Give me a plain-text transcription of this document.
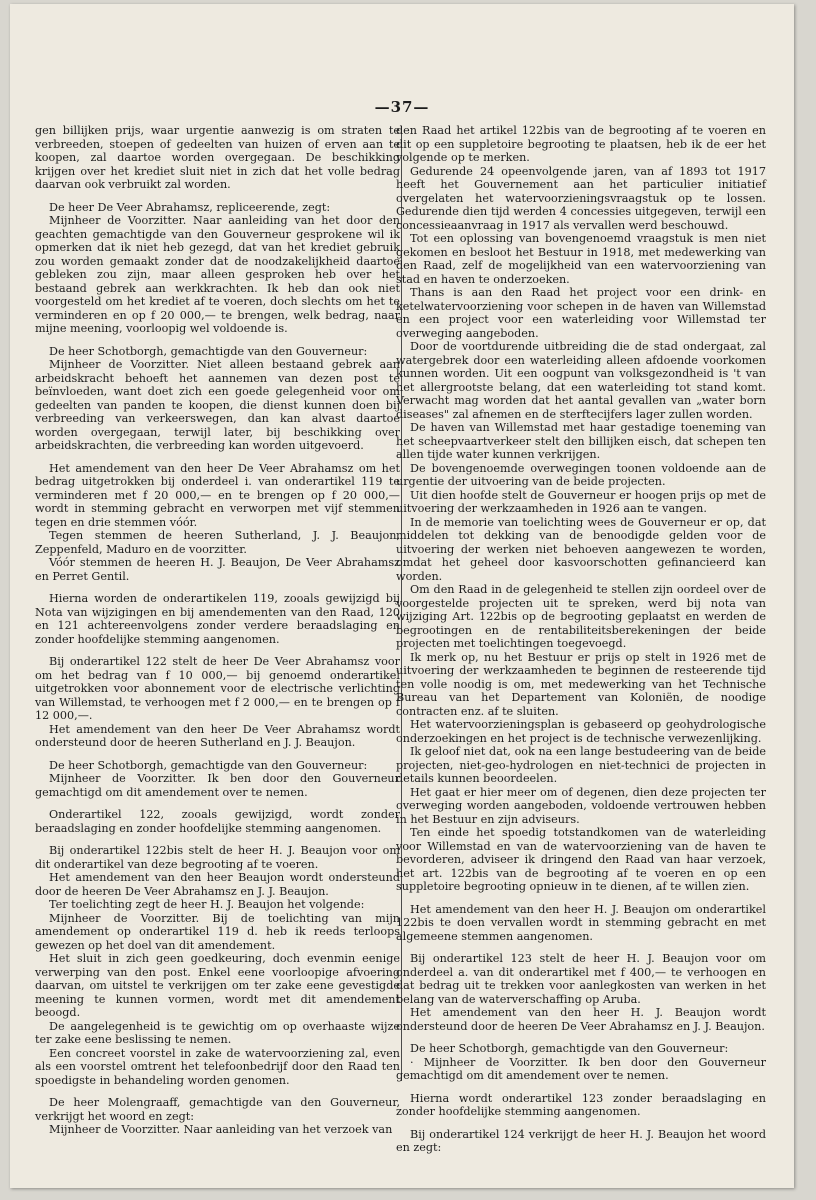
—37—

gen billijken prijs, waar urgentie aanwezig is om straten te verbreeden, stoepen of gedeelten van huizen of erven aan te koopen, zal daartoe worden overgegaan. De beschikking krijgen over het krediet sluit niet in zich dat het volle bedrag daarvan ook verbruikt zal worden.

De heer De Veer Abrahamsz, repliceerende, zegt:

Mijnheer de Voorzitter. Naar aanleiding van het door den geachten gemachtigde van den Gouverneur gesprokene wil ik opmerken dat ik niet heb gezegd, dat van het krediet gebruik zou worden gemaakt zonder dat de noodzakelijkheid daartoe gebleken zou zijn, maar alleen gesproken heb over het bestaand gebrek aan werkkrachten. Ik heb dan ook niet voorgesteld om het krediet af te voeren, doch slechts om het te verminderen en op f 20 000,— te brengen, welk bedrag, naar mijne meening, voorloopig wel voldoende is.

De heer Schotborgh, gemachtigde van den Gouverneur:

Mijnheer de Voorzitter. Niet alleen bestaand gebrek aan arbeidskracht behoeft het aannemen van dezen post te beïnvloeden, want doet zich een goede gelegenheid voor om gedeelten van panden te koopen, die dienst kunnen doen bij verbreeding van verkeerswegen, dan kan alvast daartoe worden overgegaan, terwijl later, bij beschikking over arbeidskrachten, die verbreeding kan worden uitgevoerd.

Het amendement van den heer De Veer Abrahamsz om het bedrag uitgetrokken bij onderdeel i. van onderartikel 119 te verminderen met f 20 000,— en te brengen op f 20 000,— wordt in stemming gebracht en verworpen met vijf stemmen tegen en drie stemmen vóór.

Tegen stemmen de heeren Sutherland, J. J. Beaujon, Zeppenfeld, Maduro en de voorzitter.

Vóór stemmen de heeren H. J. Beaujon, De Veer Abrahamsz en Perret Gentil.

Hierna worden de onderartikelen 119, zooals gewijzigd bij Nota van wijzigingen en bij amendementen van den Raad, 120 en 121 achtereenvolgens zonder verdere beraadslaging en zonder hoofdelijke stemming aangenomen.

Bij onderartikel 122 stelt de heer De Veer Abrahamsz voor om het bedrag van f 10 000,— bij genoemd onderartikel uitgetrokken voor abonnement voor de electrische verlichting van Willemstad, te verhoogen met f 2 000,— en te brengen op f 12 000,—.

Het amendement van den heer De Veer Abrahamsz wordt ondersteund door de heeren Sutherland en J. J. Beaujon.

De heer Schotborgh, gemachtigde van den Gouverneur:

Mijnheer de Voorzitter. Ik ben door den Gouverneur gemachtigd om dit amendement over te nemen.

Onderartikel 122, zooals gewijzigd, wordt zonder beraadslaging en zonder hoofdelijke stemming aangenomen.

Bij onderartikel 122bis stelt de heer H. J. Beaujon voor om dit onderartikel van deze begrooting af te voeren.

Het amendement van den heer Beaujon wordt ondersteund door de heeren De Veer Abrahamsz en J. J. Beaujon.

Ter toelichting zegt de heer H. J. Beaujon het volgende:

Mijnheer de Voorzitter. Bij de toelichting van mijn amendement op onderartikel 119 d. heb ik reeds terloops gewezen op het doel van dit amendement.

Het sluit in zich geen goedkeuring, doch evenmin eenige verwerping van den post. Enkel eene voorloopige afvoering daarvan, om uitstel te verkrijgen om ter zake eene gevestigde meening te kunnen vormen, wordt met dit amendement beoogd.

De aangelegenheid is te gewichtig om op overhaaste wijze ter zake eene beslissing te nemen.

Een concreet voorstel in zake de watervoorziening zal, even als een voorstel omtrent het telefoonbedrijf door den Raad ten spoedigste in behandeling worden genomen.

De heer Molengraaff, gemachtigde van den Gouverneur, verkrijgt het woord en zegt:

Mijnheer de Voorzitter. Naar aanleiding van het verzoek van

den Raad het artikel 122bis van de begrooting af te voeren en dit op een suppletoire begrooting te plaatsen, heb ik de eer het volgende op te merken.

Gedurende 24 opeenvolgende jaren, van af 1893 tot 1917 heeft het Gouvernement aan het particulier initiatief overgelaten het watervoorzieningsvraagstuk op te lossen. Gedurende dien tijd werden 4 concessies uitgegeven, terwijl een concessieaanvraag in 1917 als vervallen werd beschouwd.

Tot een oplossing van bovengenoemd vraagstuk is men niet gekomen en besloot het Bestuur in 1918, met medewerking van den Raad, zelf de mogelijkheid van een watervoorziening van stad en haven te onderzoeken.

Thans is aan den Raad het project voor een drink- en ketelwatervoorziening voor schepen in de haven van Willemstad en een project voor een waterleiding voor Willemstad ter overweging aangeboden.

Door de voortdurende uitbreiding die de stad ondergaat, zal watergebrek door een waterleiding alleen afdoende voorkomen kunnen worden. Uit een oogpunt van volksgezondheid is 't van het allergrootste belang, dat een waterleiding tot stand komt. Verwacht mag worden dat het aantal gevallen van „water born diseases" zal afnemen en de sterftecijfers lager zullen worden.

De haven van Willemstad met haar gestadige toeneming van het scheepvaartverkeer stelt den billijken eisch, dat schepen ten allen tijde water kunnen verkrijgen.

De bovengenoemde overwegingen toonen voldoende aan de urgentie der uitvoering van de beide projecten.

Uit dien hoofde stelt de Gouverneur er hoogen prijs op met de uitvoering der werkzaamheden in 1926 aan te vangen.

In de memorie van toelichting wees de Gouverneur er op, dat middelen tot dekking van de benoodigde gelden voor de uitvoering der werken niet behoeven aangewezen te worden, omdat het geheel door kasvoorschotten gefinancieerd kan worden.

Om den Raad in de gelegenheid te stellen zijn oordeel over de voorgestelde projecten uit te spreken, werd bij nota van wijziging Art. 122bis op de begrooting geplaatst en werden de begrootingen en de rentabiliteitsberekeningen der beide projecten met toelichtingen toegevoegd.

Ik merk op, nu het Bestuur er prijs op stelt in 1926 met de uitvoering der werkzaamheden te beginnen de resteerende tijd ten volle noodig is om, met medewerking van het Technische Bureau van het Departement van Koloniën, de noodige contracten enz. af te sluiten.

Het watervoorzieningsplan is gebaseerd op geohydrologische onderzoekingen en het project is de technische verwezenlijking.

Ik geloof niet dat, ook na een lange bestudeering van de beide projecten, niet-geo-hydrologen en niet-technici de projecten in details kunnen beoordeelen.

Het gaat er hier meer om of degenen, dien deze projecten ter overweging worden aangeboden, voldoende vertrouwen hebben in het Bestuur en zijn adviseurs.

Ten einde het spoedig totstandkomen van de waterleiding voor Willemstad en van de watervoorziening van de haven te bevorderen, adviseer ik dringend den Raad van haar verzoek, het art. 122bis van de begrooting af te voeren en op een suppletoire begrooting opnieuw in te dienen, af te willen zien.

Het amendement van den heer H. J. Beaujon om onderartikel 122bis te doen vervallen wordt in stemming gebracht en met algemeene stemmen aangenomen.

Bij onderartikel 123 stelt de heer H. J. Beaujon voor om onderdeel a. van dit onderartikel met f 400,— te verhoogen en dat bedrag uit te trekken voor aanlegkosten van werken in het belang van de waterverschaffing op Aruba.

Het amendement van den heer H. J. Beaujon wordt ondersteund door de heeren De Veer Abrahamsz en J. J. Beaujon.

De heer Schotborgh, gemachtigde van den Gouverneur:

· Mijnheer de Voorzitter. Ik ben door den Gouverneur gemachtigd om dit amendement over te nemen.

Hierna wordt onderartikel 123 zonder beraadslaging en zonder hoofdelijke stemming aangenomen.

Bij onderartikel 124 verkrijgt de heer H. J. Beaujon het woord en zegt:
